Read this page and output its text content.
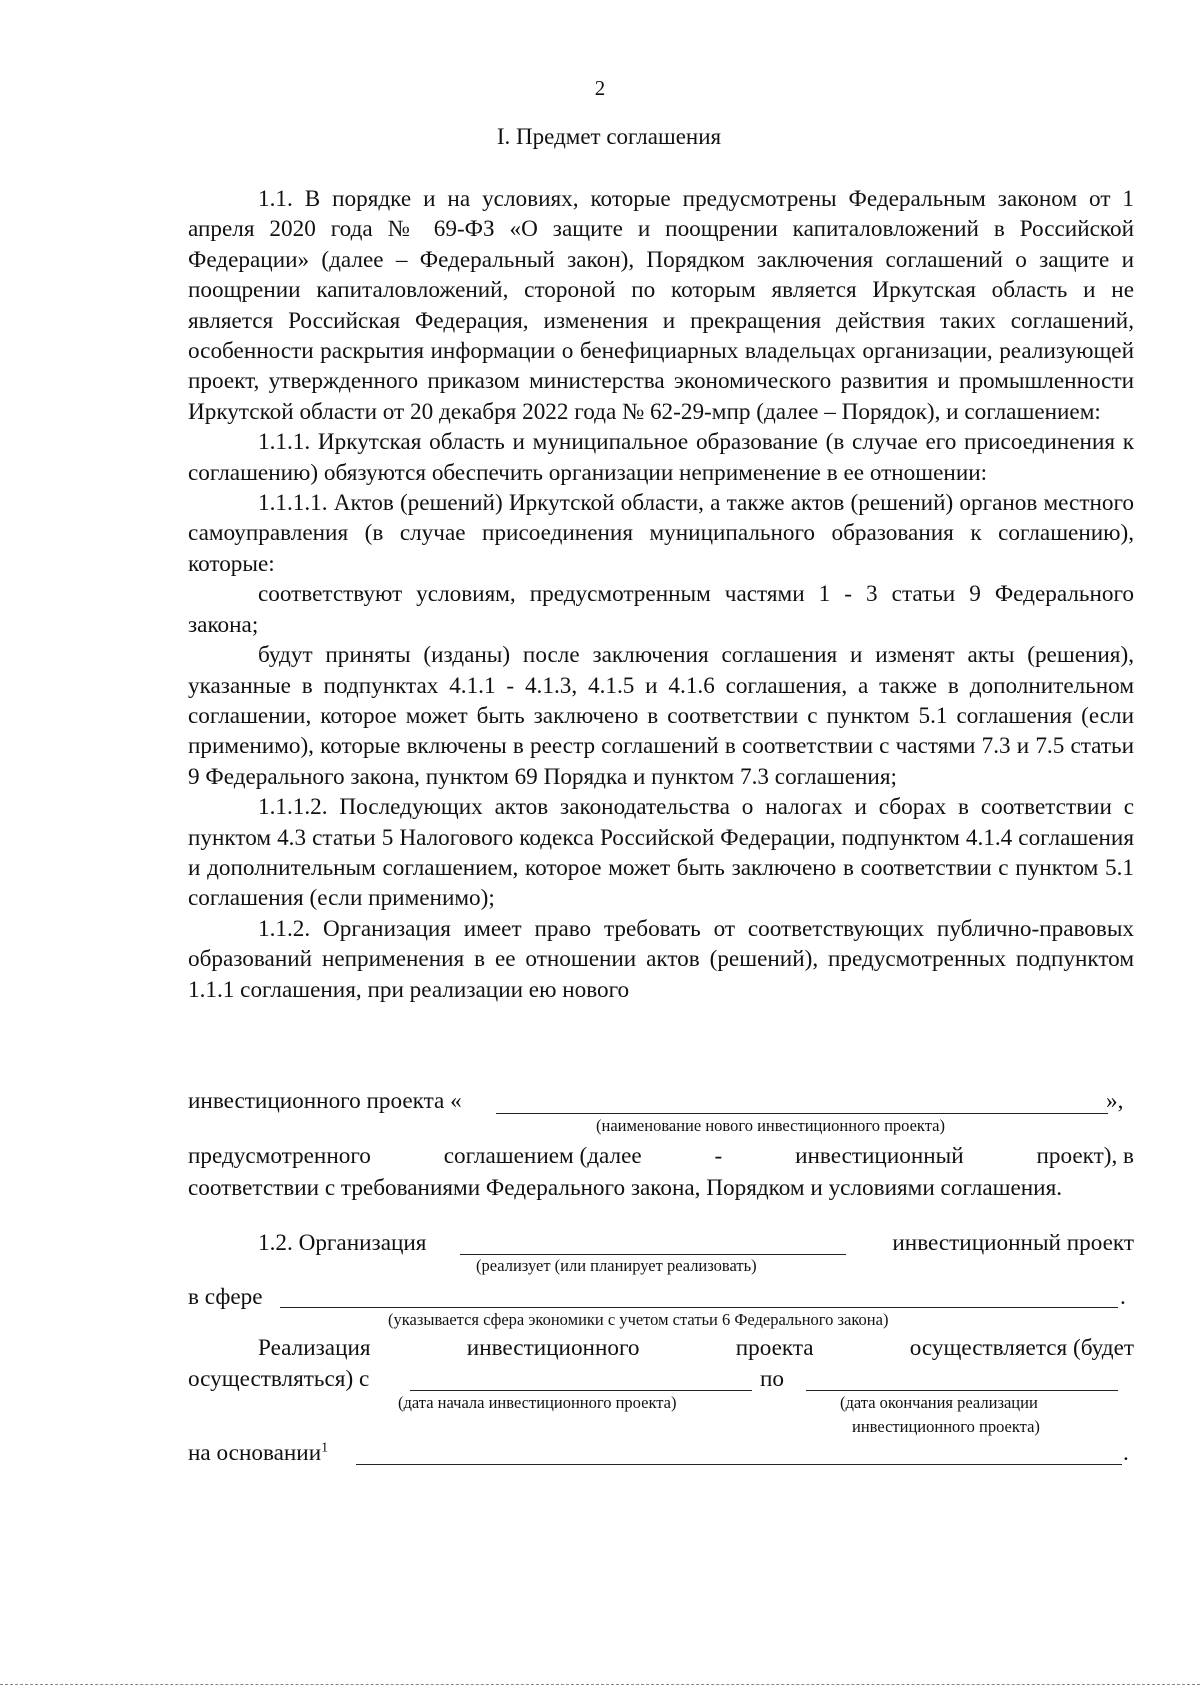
2
I. Предмет соглашения

1.1. В порядке и на условиях, которые предусмотрены Федеральным законом от 1 апреля 2020 года № 69-ФЗ «О защите и поощрении капиталовложений в Российской Федерации» (далее – Федеральный закон), Порядком заключения соглашений о защите и поощрении капиталовложений, стороной по которым является Иркутская область и не является Российская Федерация, изменения и прекращения действия таких соглашений, особенности раскрытия информации о бенефициарных владельцах организации, реализующей проект, утвержденного приказом министерства экономического развития и промышленности Иркутской области от 20 декабря 2022 года № 62-29-мпр (далее – Порядок), и соглашением:

1.1.1. Иркутская область и муниципальное образование (в случае его присоединения к соглашению) обязуются обеспечить организации неприменение в ее отношении:

1.1.1.1. Актов (решений) Иркутской области, а также актов (решений) органов местного самоуправления (в случае присоединения муниципального образования к соглашению), которые:

соответствуют условиям, предусмотренным частями 1 - 3 статьи 9 Федерального закона;

будут приняты (изданы) после заключения соглашения и изменят акты (решения), указанные в подпунктах 4.1.1 - 4.1.3, 4.1.5 и 4.1.6 соглашения, а также в дополнительном соглашении, которое может быть заключено в соответствии с пунктом 5.1 соглашения (если применимо), которые включены в реестр соглашений в соответствии с частями 7.3 и 7.5 статьи 9 Федерального закона, пунктом 69 Порядка и пунктом 7.3 соглашения;

1.1.1.2. Последующих актов законодательства о налогах и сборах в соответствии с пунктом 4.3 статьи 5 Налогового кодекса Российской Федерации, подпунктом 4.1.4 соглашения и дополнительным соглашением, которое может быть заключено в соответствии с пунктом 5.1 соглашения (если применимо);

1.1.2. Организация имеет право требовать от соответствующих публично-правовых образований неприменения в ее отношении актов (решений), предусмотренных подпунктом 1.1.1 соглашения, при реализации ею нового

инвестиционного проекта «	»,
(наименование нового инвестиционного проекта)
предусмотренного	соглашением (далее	-	инвестиционный	проект), в

соответствии с требованиями Федерального закона, Порядком и условиями соглашения.

1.2. Организация	инвестиционный проект
(реализует (или планирует реализовать)
в сфере	.
(указывается сфера экономики с учетом статьи 6 Федерального закона)
Реализация	инвестиционного	проекта	осуществляется (будет
осуществляться) с	по
(дата начала инвестиционного проекта)	(дата окончания реализации
инвестиционного проекта)
на основании$^1$	.
